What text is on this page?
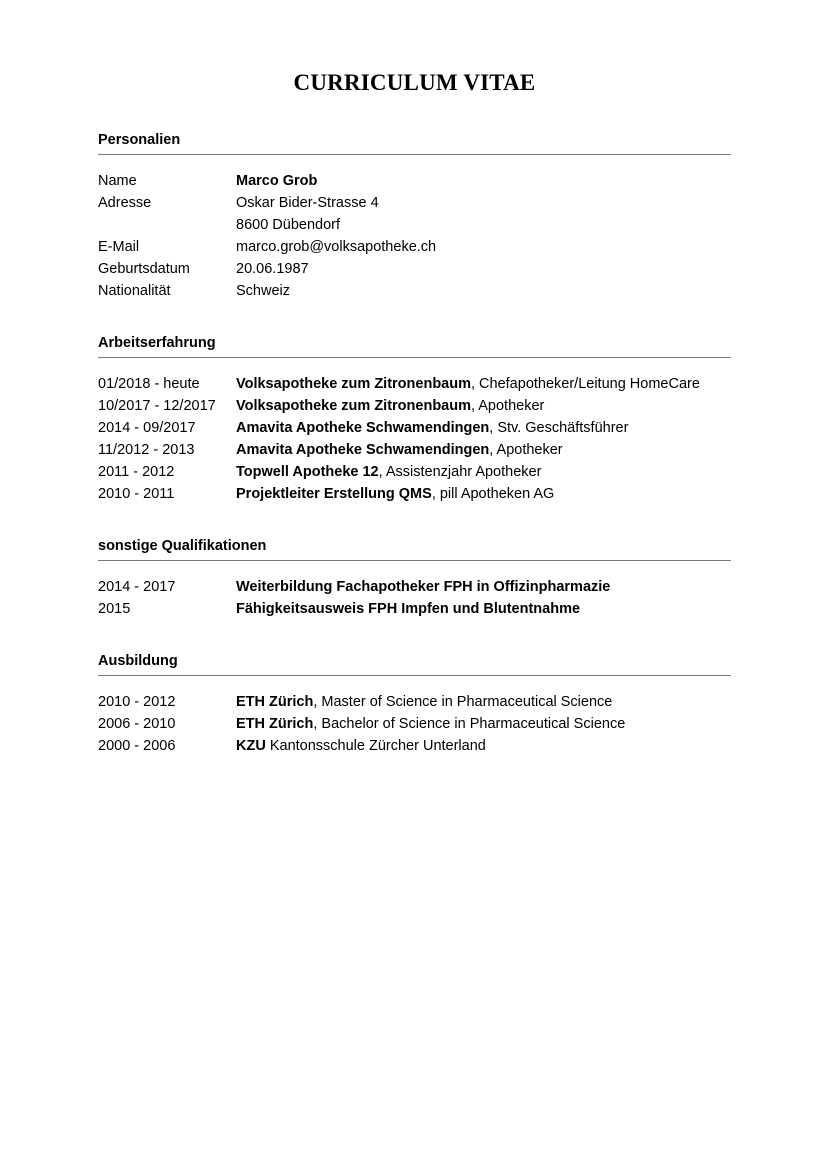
CURRICULUM VITAE
Personalien
Name	Marco Grob
Adresse	Oskar Bider-Strasse 4
8600 Dübendorf
E-Mail	marco.grob@volksapotheke.ch
Geburtsdatum	20.06.1987
Nationalität	Schweiz
Arbeitserfahrung
01/2018 - heute	Volksapotheke zum Zitronenbaum, Chefapotheker/Leitung HomeCare
10/2017 - 12/2017	Volksapotheke zum Zitronenbaum, Apotheker
2014 - 09/2017	Amavita Apotheke Schwamendingen, Stv. Geschäftsführer
11/2012 - 2013	Amavita Apotheke Schwamendingen, Apotheker
2011 - 2012	Topwell Apotheke 12, Assistenzjahr Apotheker
2010 - 2011	Projektleiter Erstellung QMS, pill Apotheken AG
sonstige Qualifikationen
2014 - 2017	Weiterbildung Fachapotheker FPH in Offizinpharmazie
2015	Fähigkeitsausweis FPH Impfen und Blutentnahme
Ausbildung
2010 - 2012	ETH Zürich, Master of Science in Pharmaceutical Science
2006 - 2010	ETH Zürich, Bachelor of Science in Pharmaceutical Science
2000 - 2006	KZU Kantonsschule Zürcher Unterland
